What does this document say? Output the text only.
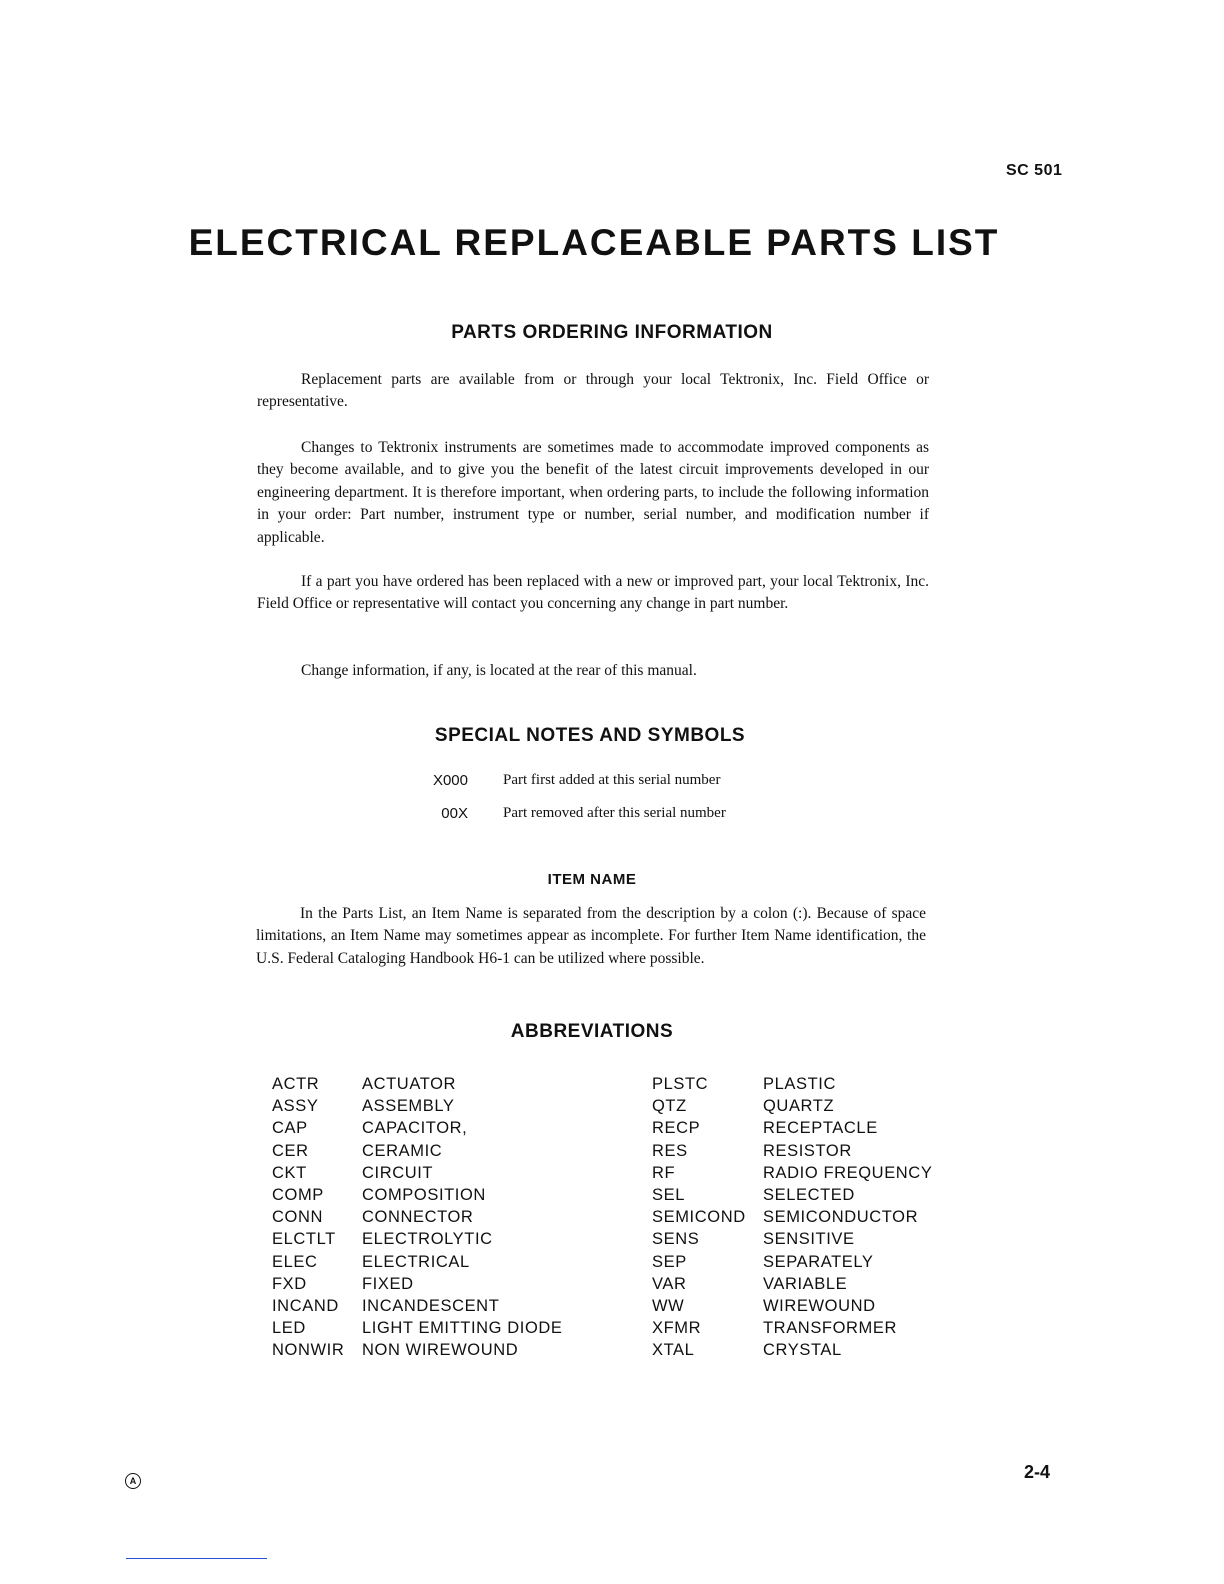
SC 501
ELECTRICAL REPLACEABLE PARTS LIST
PARTS ORDERING INFORMATION
Replacement parts are available from or through your local Tektronix, Inc. Field Office or representative.
Changes to Tektronix instruments are sometimes made to accommodate improved components as they become available, and to give you the benefit of the latest circuit improvements developed in our engineering department. It is therefore important, when ordering parts, to include the following information in your order: Part number, instrument type or number, serial number, and modification number if applicable.
If a part you have ordered has been replaced with a new or improved part, your local Tektronix, Inc. Field Office or representative will contact you concerning any change in part number.
Change information, if any, is located at the rear of this manual.
SPECIAL NOTES AND SYMBOLS
X000 Part first added at this serial number
00X Part removed after this serial number
ITEM NAME
In the Parts List, an Item Name is separated from the description by a colon (:). Because of space limitations, an Item Name may sometimes appear as incomplete. For further Item Name identification, the U.S. Federal Cataloging Handbook H6-1 can be utilized where possible.
ABBREVIATIONS
ACTR	ACTUATOR
ASSY	ASSEMBLY
CAP	CAPACITOR,
CER	CERAMIC
CKT	CIRCUIT
COMP COMPOSITION
CONN CONNECTOR
ELCTLT ELECTROLYTIC
ELEC	ELECTRICAL
FXD	FIXED
INCAND INCANDESCENT
LED	LIGHT EMITTING DIODE
NONWIR NON WIREWOUND
PLSTC	PLASTIC
QTZ	QUARTZ
RECP	RECEPTACLE
RES	RESISTOR
RF	RADIO FREQUENCY
SEL	SELECTED
SEMICOND SEMICONDUCTOR
SENS	SENSITIVE
SEP	SEPARATELY
VAR	VARIABLE
WW	WIREWOUND
XFMR	TRANSFORMER
XTAL	CRYSTAL
A	2-4
